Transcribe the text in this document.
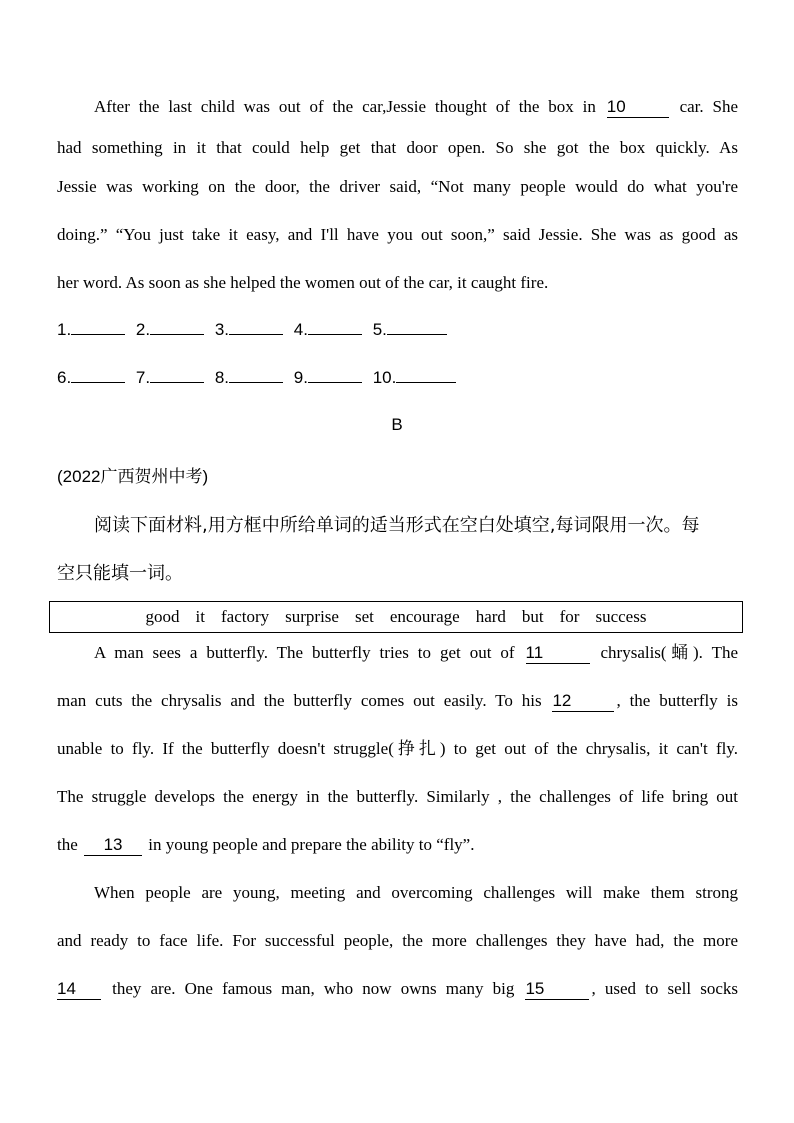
After the last child was out of the car,Jessie thought of the box in 10	car. She
had something in it that could help get that door open. So she got the box quickly. As
Jessie was working on the door, the driver said, “Not many people would do what you're
doing.” “You just take it easy, and I'll have you out soon,” said Jessie. She was as good as
her word. As soon as she helped the women out of the car, it caught fire.
1.	2.	3.	4.	5.
6.	7.	8.	9.	10.
B
(2022广西贺州中考)
阅读下面材料,用方框中所给单词的适当形式在空白处填空,每词限用一次。每
空只能填一词。
good it factory surprise set encourage hard but for success
A man sees a butterfly. The butterfly tries to get out of 11	chrysalis(蛹). The
man cuts the chrysalis and the butterfly comes out easily. To his 12	, the butterfly is
unable to fly. If the butterfly doesn't struggle(挣扎) to get out of the chrysalis, it can't fly.
The struggle develops the energy in the butterfly. Similarly , the challenges of life bring out
the 13 in young people and prepare the ability to “fly”.
When people are young, meeting and overcoming challenges will make them strong
and ready to face life. For successful people, the more challenges they have had, the more
14 they are. One famous man, who now owns many big 15	, used to sell socks
